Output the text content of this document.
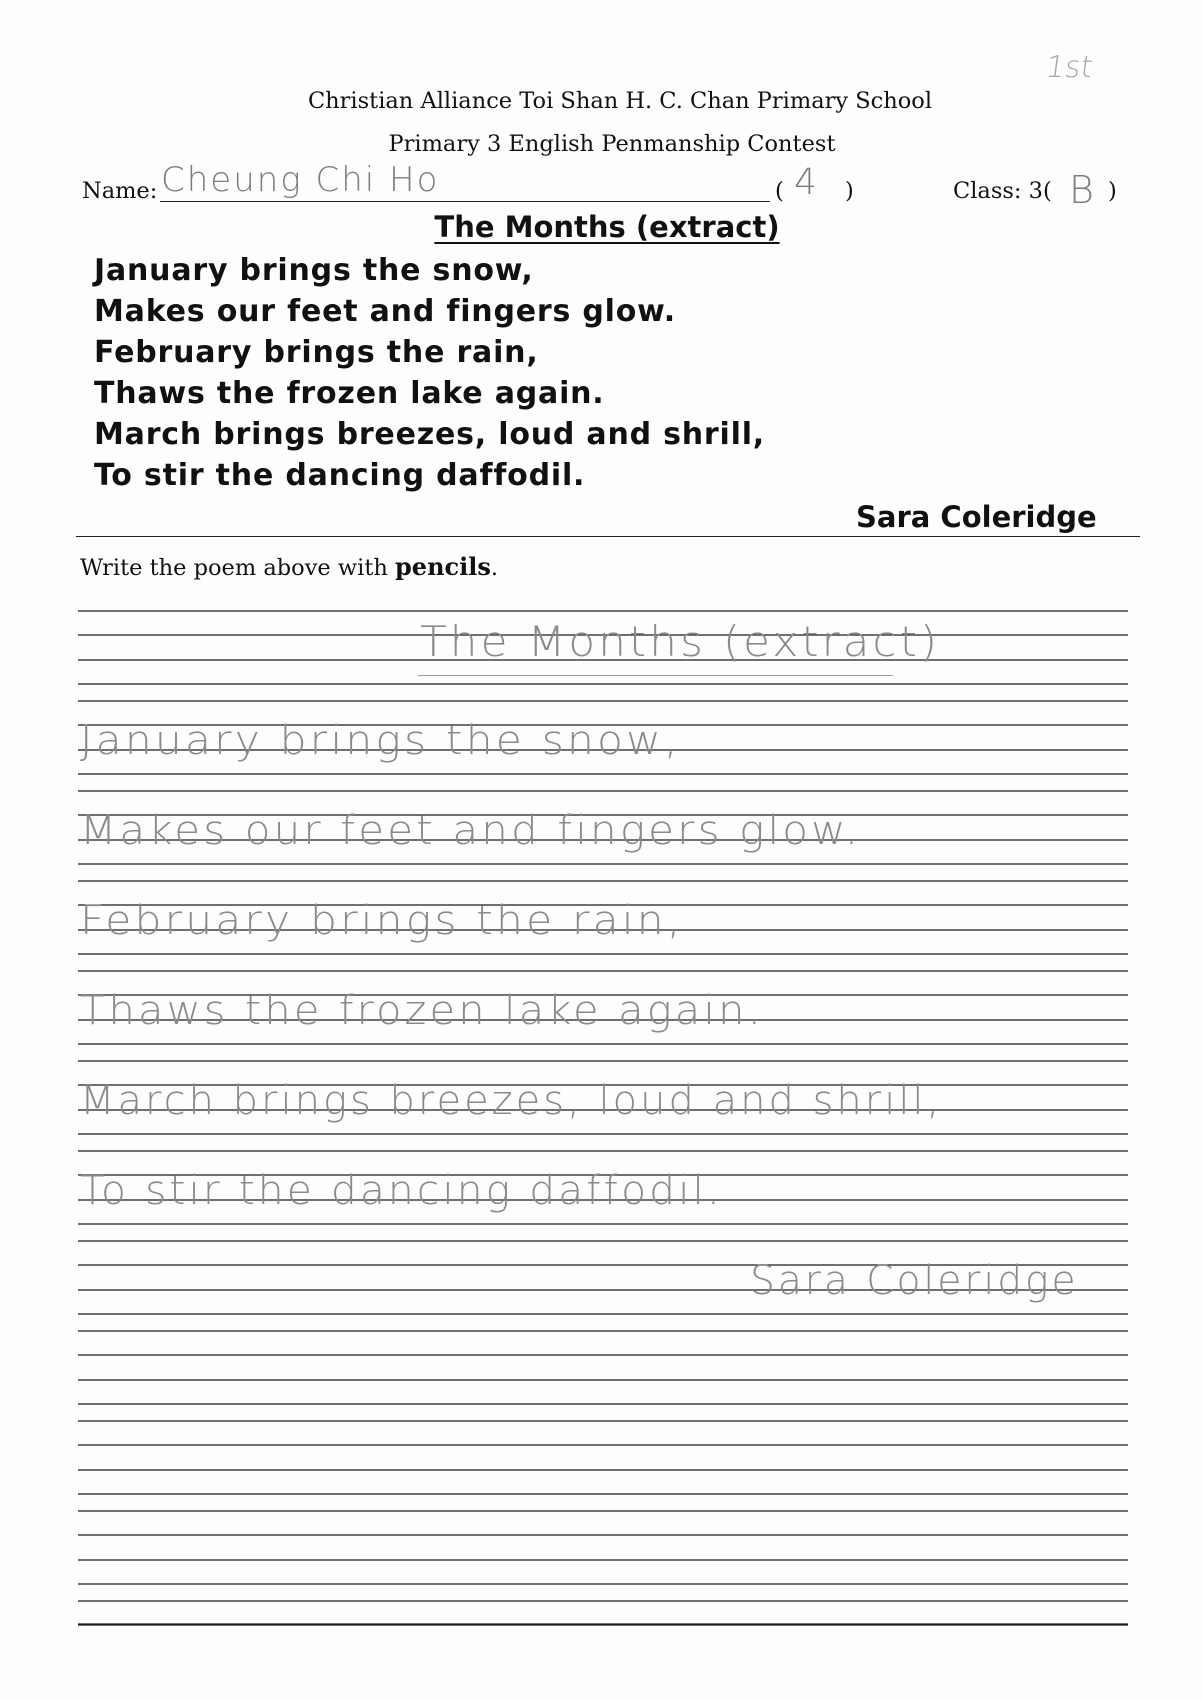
1st
Christian Alliance Toi Shan H. C. Chan Primary School
Primary 3 English Penmanship Contest
Name: Cheung Chi Ho	( 4 )	Class: 3( B )
The Months (extract)
January brings the snow,
Makes our feet and fingers glow.
February brings the rain,
Thaws the frozen lake again.
March brings breezes, loud and shrill,
To stir the dancing daffodil.
Sara Coleridge
Write the poem above with pencils.
The Months (extract)
January brings the snow,
Makes our feet and fingers glow.
February brings the rain,
Thaws the frozen lake again.
March brings breezes, loud and shrill,
To stir the dancing daffodil.
Sara Coleridge
